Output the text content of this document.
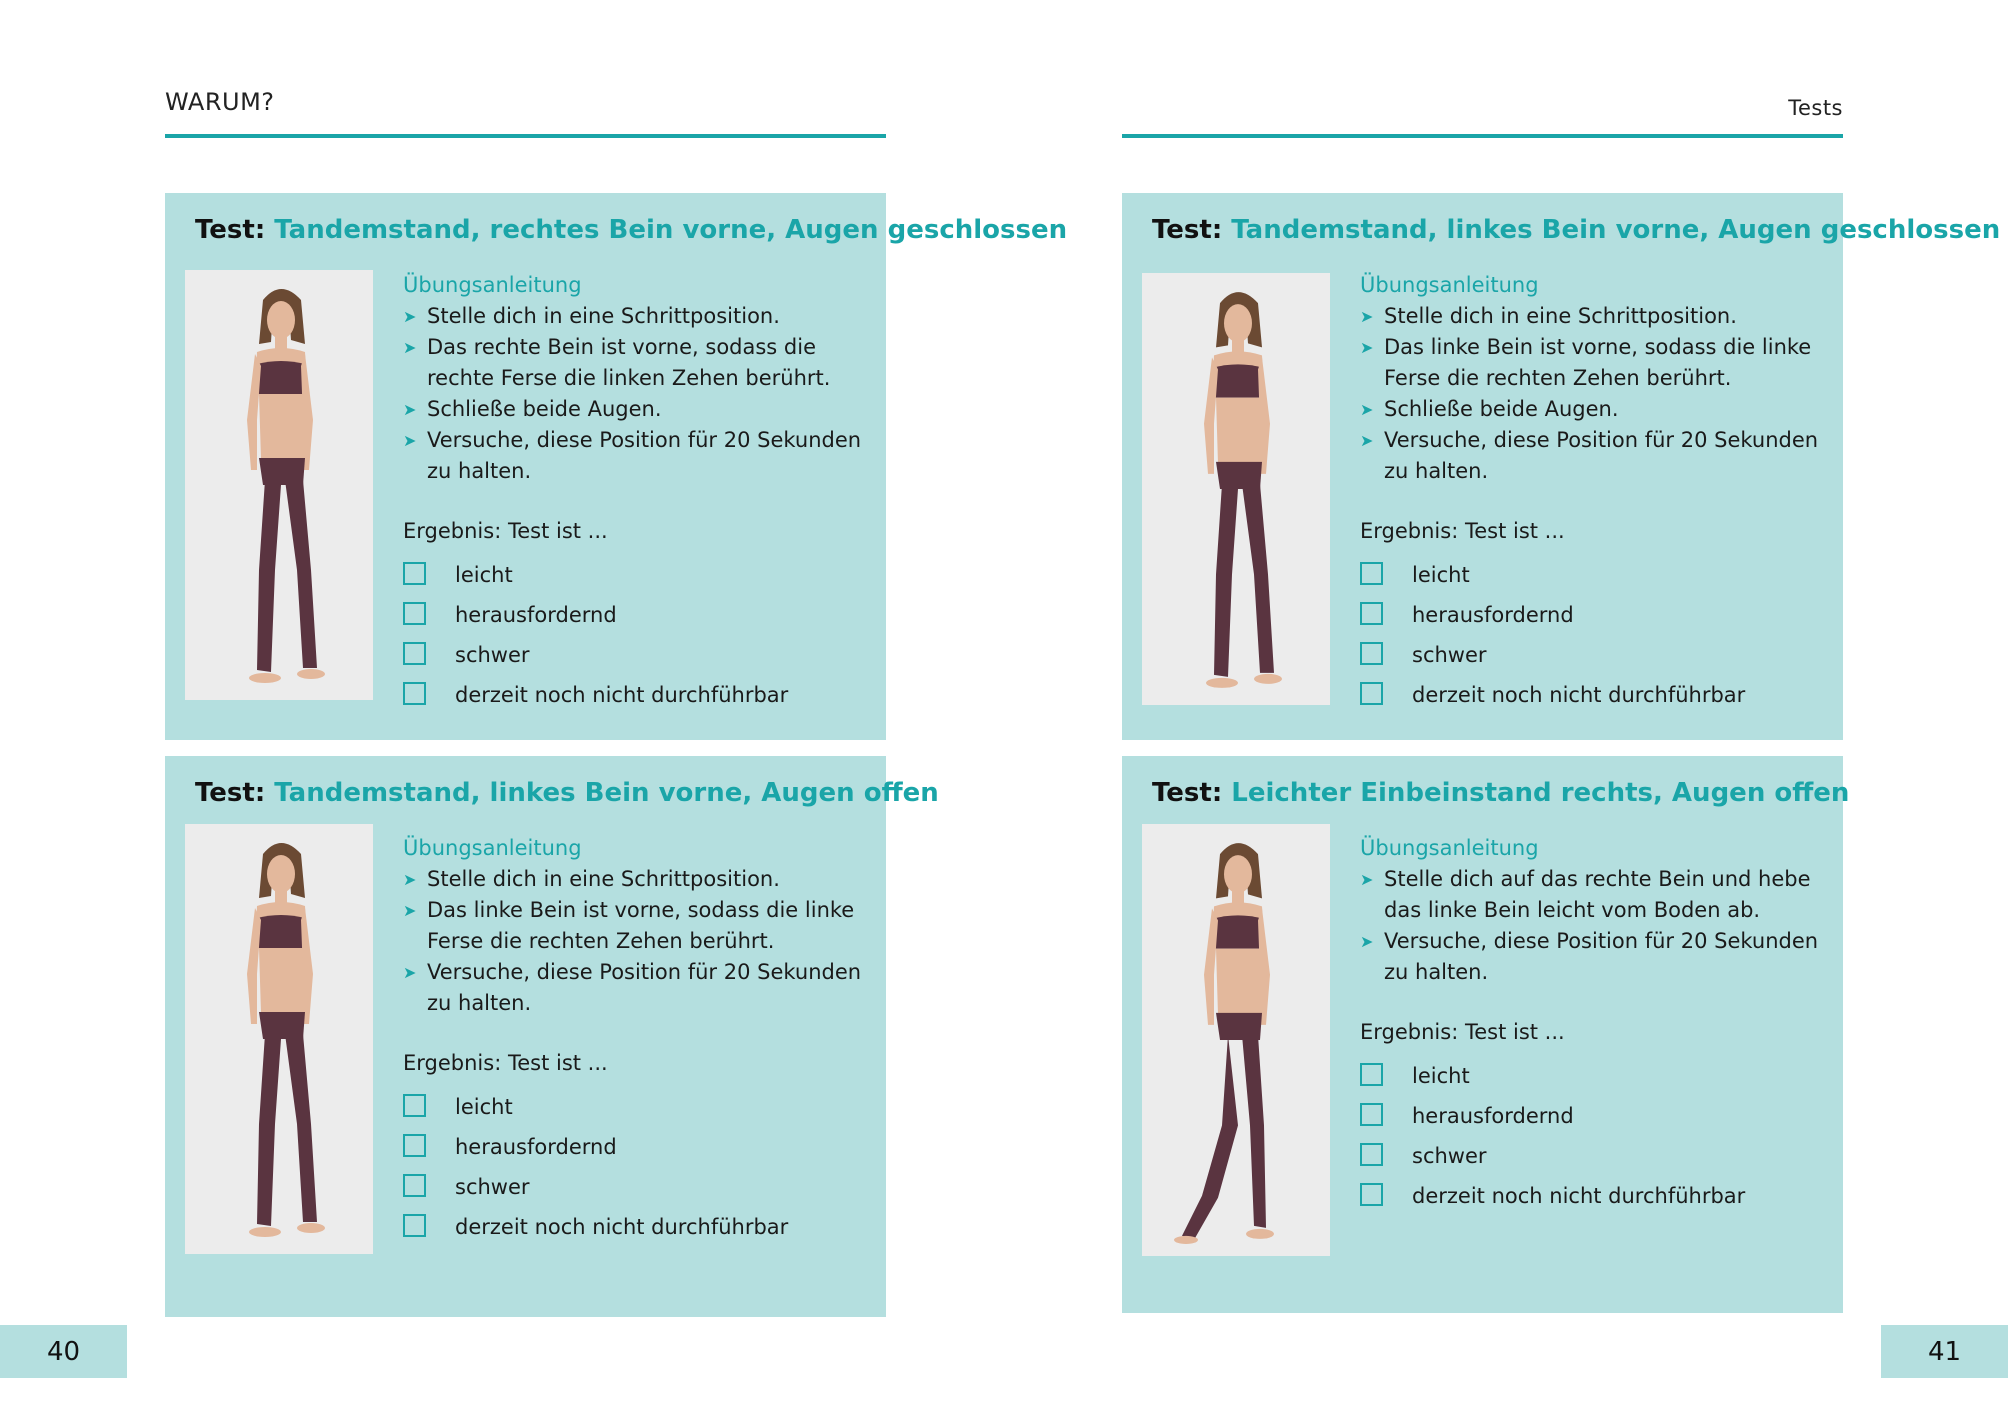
WARUM?	Tests
Test: Tandemstand, rechtes Bein vorne, Augen geschlossen
Übungsanleitung
➤ Stelle dich in eine Schrittposition.
➤ Das rechte Bein ist vorne, sodass die rechte Ferse die linken Zehen berührt.
➤ Schließe beide Augen.
➤ Versuche, diese Position für 20 Sekunden zu halten.
Ergebnis: Test ist ...
leicht
herausfordernd
schwer
derzeit noch nicht durchführbar
Test: Tandemstand, linkes Bein vorne, Augen offen
Übungsanleitung
➤ Stelle dich in eine Schrittposition.
➤ Das linke Bein ist vorne, sodass die linke Ferse die rechten Zehen berührt.
➤ Versuche, diese Position für 20 Sekunden zu halten.
Ergebnis: Test ist ...
leicht
herausfordernd
schwer
derzeit noch nicht durchführbar
Test: Tandemstand, linkes Bein vorne, Augen geschlossen
Übungsanleitung
➤ Stelle dich in eine Schrittposition.
➤ Das linke Bein ist vorne, sodass die linke Ferse die rechten Zehen berührt.
➤ Schließe beide Augen.
➤ Versuche, diese Position für 20 Sekunden zu halten.
Ergebnis: Test ist ...
leicht
herausfordernd
schwer
derzeit noch nicht durchführbar
Test: Leichter Einbeinstand rechts, Augen offen
Übungsanleitung
➤ Stelle dich auf das rechte Bein und hebe das linke Bein leicht vom Boden ab.
➤ Versuche, diese Position für 20 Sekunden zu halten.
Ergebnis: Test ist ...
leicht
herausfordernd
schwer
derzeit noch nicht durchführbar
40	41
